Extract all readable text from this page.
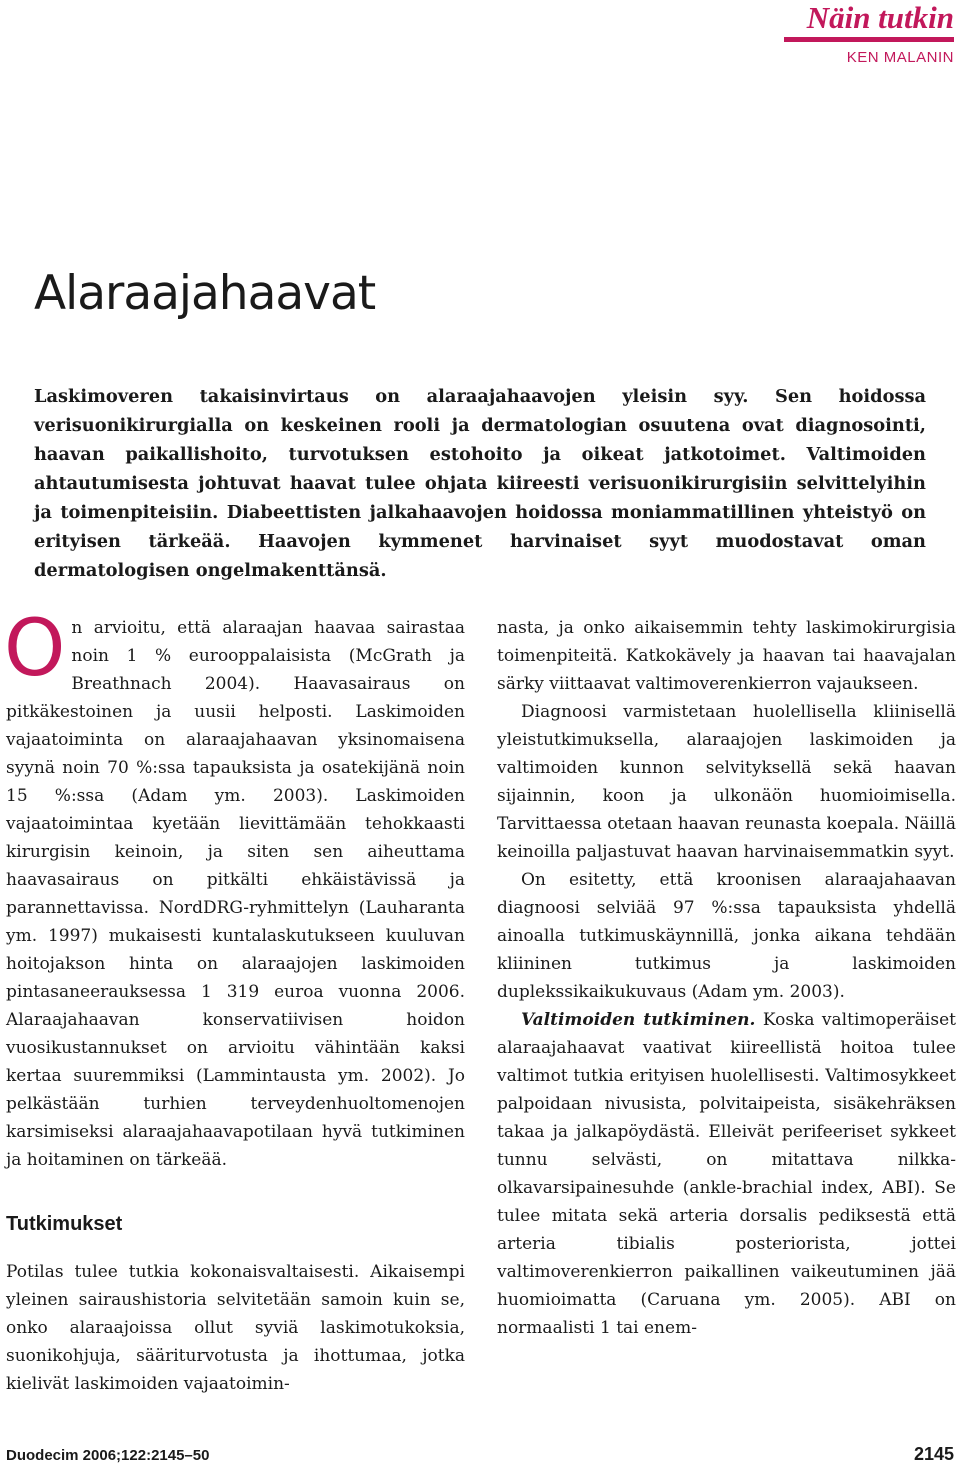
Näin tutkin
KEN MALANIN
Alaraajahaavat

Laskimoveren takaisinvirtaus on alaraajahaavojen yleisin syy. Sen hoidossa verisuonikirurgialla on keskeinen rooli ja dermatologian osuutena ovat diagnosointi, haavan paikallishoito, turvotuksen estohoito ja oikeat jatkotoimet. Valtimoiden ahtautumisesta johtuvat haavat tulee ohjata kiireesti verisuonikirurgisiin selvittelyihin ja toimenpiteisiin. Diabeettisten jalkahaavojen hoidossa moniammatillinen yhteistyö on erityisen tärkeää. Haavojen kymmenet harvinaiset syyt muodostavat oman dermatologisen ongelmakenttänsä.

On arvioitu, että alaraajan haavaa sairastaa noin 1 % eurooppalaisista (McGrath ja Breathnach 2004). Haavasairaus on pitkäkestoinen ja uusii helposti. Laskimoiden vajaatoiminta on alaraajahaavan yksinomaisena syynä noin 70 %:ssa tapauksista ja osatekijänä noin 15 %:ssa (Adam ym. 2003). Laskimoiden vajaatoimintaa kyetään lievittämään tehokkaasti kirurgisin keinoin, ja siten sen aiheuttama haavasairaus on pitkälti ehkäistävissä ja parannettavissa. NordDRG-ryhmittelyn (Lauharanta ym. 1997) mukaisesti kuntalaskutukseen kuuluvan hoitojakson hinta on alaraajojen laskimoiden pintasaneerauksessa 1 319 euroa vuonna 2006. Alaraajahaavan konservatiivisen hoidon vuosikustannukset on arvioitu vähintään kaksi kertaa suuremmiksi (Lammintausta ym. 2002). Jo pelkästään turhien terveydenhuoltomenojen karsimiseksi alaraajahaavapotilaan hyvä tutkiminen ja hoitaminen on tärkeää.

Tutkimukset

Potilas tulee tutkia kokonaisvaltaisesti. Aikaisempi yleinen sairaushistoria selvitetään samoin kuin se, onko alaraajoissa ollut syviä laskimotukoksia, suonikohjuja, sääriturvotusta ja ihottumaa, jotka kielivät laskimoiden vajaatoimin-

nasta, ja onko aikaisemmin tehty laskimokirurgisia toimenpiteitä. Katkokävely ja haavan tai haavajalan särky viittaavat valtimoverenkierron vajaukseen.

Diagnoosi varmistetaan huolellisella kliinisellä yleistutkimuksella, alaraajojen laskimoiden ja valtimoiden kunnon selvityksellä sekä haavan sijainnin, koon ja ulkonäön huomioimisella. Tarvittaessa otetaan haavan reunasta koepala. Näillä keinoilla paljastuvat haavan harvinaisemmatkin syyt.

On esitetty, että kroonisen alaraajahaavan diagnoosi selviää 97 %:ssa tapauksista yhdellä ainoalla tutkimuskäynnillä, jonka aikana tehdään kliininen tutkimus ja laskimoiden duplekssikaikukuvaus (Adam ym. 2003).

Valtimoiden tutkiminen. Koska valtimoperäiset alaraajahaavat vaativat kiireellistä hoitoa tulee valtimot tutkia erityisen huolellisesti. Valtimosykkeet palpoidaan nivusista, polvitaipeista, sisäkehräksen takaa ja jalkapöydästä. Elleivät perifeeriset sykkeet tunnu selvästi, on mitattava nilkka-olkavarsipainesuhde (ankle-brachial index, ABI). Se tulee mitata sekä arteria dorsalis pediksestä että arteria tibialis posteriorista, jottei valtimoverenkierron paikallinen vaikeutuminen jää huomioimatta (Caruana ym. 2005). ABI on normaalisti 1 tai enem-

Duodecim 2006;122:2145–50	2145
